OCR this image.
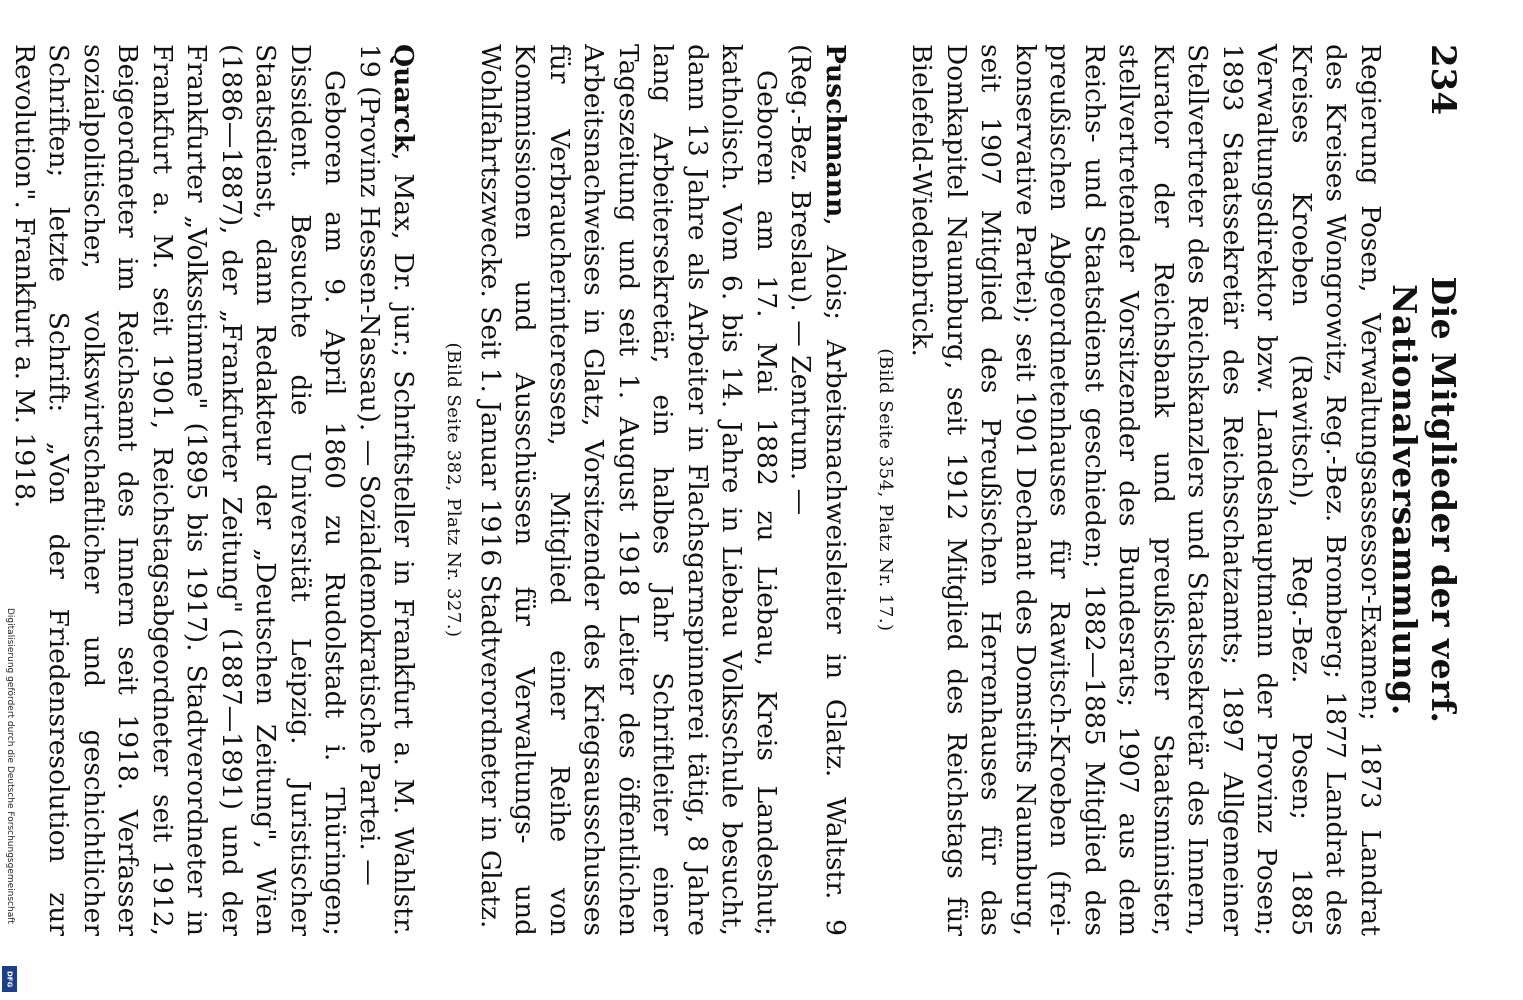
234
Die Mitglieder der verf. Nationalversammlung.

Regierung Posen, Verwaltungsassessor-Examen; 1873 Landrat des Kreises Wongrowitz, Reg.-Bez. Bromberg; 1877 Landrat des Kreises Kroeben (Rawitsch), Reg.-Bez. Posen; 1885 Verwaltungsdirektor bzw. Landeshauptmann der Provinz Posen; 1893 Staatssekretär des Reichsschatzamts; 1897 Allgemeiner Stellvertreter des Reichskanzlers und Staatssekretär des Innern, Kurator der Reichsbank und preußischer Staatsminister, stellvertretender Vorsitzender des Bundesrats; 1907 aus dem Reichs- und Staatsdienst geschieden; 1882—1885 Mitglied des preußischen Abgeordnetenhauses für Rawitsch-Kroeben (frei-konservative Partei); seit 1901 Dechant des Domstifts Naumburg, seit 1907 Mitglied des Preußischen Herrenhauses für das Domkapitel Naumburg, seit 1912 Mitglied des Reichstags für Bielefeld-Wiedenbrück.

(Bild Seite 354, Platz Nr. 17.)

Puschmann, Alois; Arbeitsnachweisleiter in Glatz. Waltstr. 9 (Reg.-Bez. Breslau). — Zentrum. —

Geboren am 17. Mai 1882 zu Liebau, Kreis Landeshut; katholisch. Vom 6. bis 14. Jahre in Liebau Volksschule besucht, dann 13 Jahre als Arbeiter in Flachsgarnspinnerei tätig, 8 Jahre lang Arbeitersekretär, ein halbes Jahr Schriftleiter einer Tageszeitung und seit 1. August 1918 Leiter des öffentlichen Arbeitsnachweises in Glatz, Vorsitzender des Kriegsausschusses für Verbraucherinteressen, Mitglied einer Reihe von Kommissionen und Ausschüssen für Verwaltungs- und Wohlfahrtszwecke. Seit 1. Januar 1916 Stadtverordneter in Glatz.

(Bild Seite 382, Platz Nr. 327.)

Quarck, Max, Dr. jur.; Schriftsteller in Frankfurt a. M. Wahlstr. 19 (Provinz Hessen-Nassau). — Sozialdemokratische Partei. —

Geboren am 9. April 1860 zu Rudolstadt i. Thüringen; Dissident. Besuchte die Universität Leipzig. Juristischer Staatsdienst, dann Redakteur der „Deutschen Zeitung", Wien (1886—1887), der „Frankfurter Zeitung" (1887—1891) und der Frankfurter „Volksstimme" (1895 bis 1917). Stadtverordneter in Frankfurt a. M. seit 1901, Reichstagsabgeordneter seit 1912, Beigeordneter im Reichsamt des Innern seit 1918. Verfasser sozialpolitischer, volkswirtschaftlicher und geschichtlicher Schriften; letzte Schrift: „Von der Friedensresolution zur Revolution". Frankfurt a. M. 1918.

Digitalisierung gefördert durch die Deutsche Forschungsgemeinschaft
DFG
